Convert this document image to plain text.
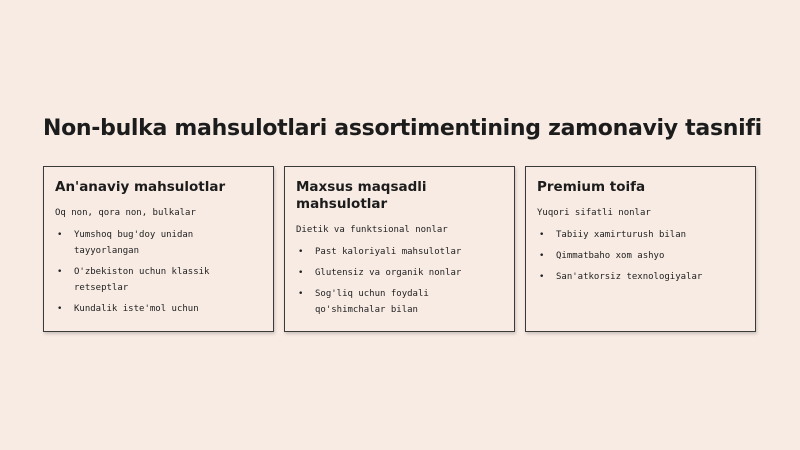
Non-bulka mahsulotlari assortimentining zamonaviy tasnifi
An'anaviy mahsulotlar

Oq non, qora non, bulkalar

• Yumshoq bug'doy unidan tayyorlangan
• O'zbekiston uchun klassik retseptlar
• Kundalik iste'mol uchun
Maxsus maqsadli mahsulotlar

Dietik va funktsional nonlar

• Past kaloriyali mahsulotlar
• Glutensiz va organik nonlar
• Sog'liq uchun foydali qo'shimchalar bilan
Premium toifa

Yuqori sifatli nonlar

• Tabiiy xamirturush bilan
• Qimmatbaho xom ashyo
• San'atkorsiz texnologiyalar
